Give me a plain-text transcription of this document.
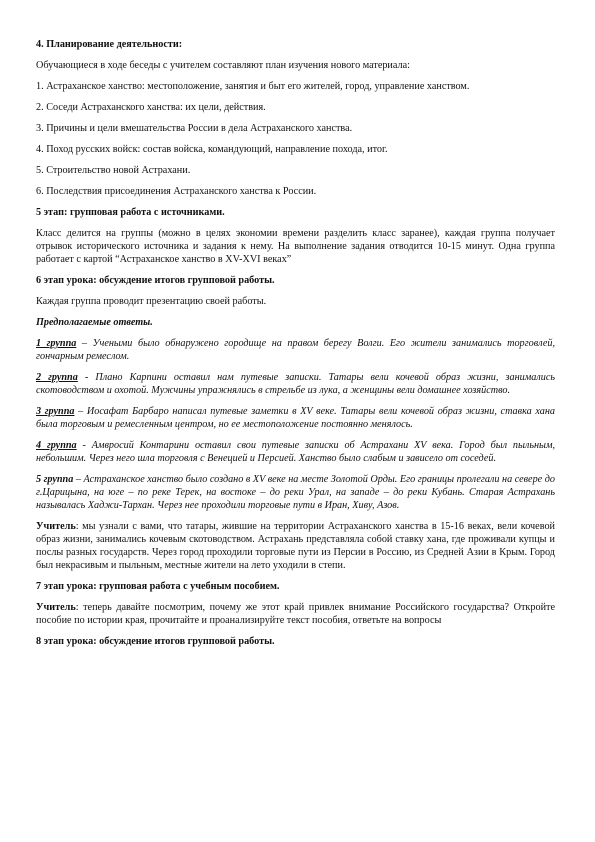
4. Планирование деятельности:

Обучающиеся в ходе беседы с учителем составляют план изучения нового материала:

1. Астраханское ханство: местоположение, занятия и быт его жителей, город, управление ханством.

2. Соседи Астраханского ханства: их цели, действия.

3. Причины и цели вмешательства России в дела Астраханского ханства.

4. Поход русских войск: состав войска, командующий, направление похода, итог.

5. Строительство новой Астрахани.

6. Последствия присоединения Астраханского ханства к России.

5 этап: групповая работа с источниками.

Класс делится на группы (можно в целях экономии времени разделить класс заранее), каждая группа получает отрывок исторического источника и задания к нему. На выполнение задания отводится 10-15 минут. Одна группа работает с картой “Астраханское ханство в XV-XVI веках”

6 этап урока: обсуждение итогов групповой работы.

Каждая группа проводит презентацию своей работы.

Предполагаемые ответы.

1 группа – Учеными было обнаружено городище на правом берегу Волги. Его жители занимались торговлей, гончарным ремеслом.

2 группа - Плано Карпини оставил нам путевые записки. Татары вели кочевой образ жизни, занимались скотоводством и охотой. Мужчины упражнялись в стрельбе из лука, а женщины вели домашнее хозяйство.

3 группа – Иосафат Барбаро написал путевые заметки в XV веке. Татары вели кочевой образ жизни, ставка хана была торговым и ремесленным центром, но ее местоположение постоянно менялось.

4 группа - Амвросий Контарини оставил свои путевые записки об Астрахани XV века. Город был пыльным, небольшим. Через него шла торговля с Венецией и Персией. Ханство было слабым и зависело от соседей.

5 группа – Астраханское ханство было создано в XV веке на месте Золотой Орды. Его границы пролегали на севере до г.Царицына, на юге – по реке Терек, на востоке – до реки Урал, на западе – до реки Кубань. Старая Астрахань называлась Хаджи-Тархан. Через нее проходили торговые пути в Иран, Хиву, Азов.

Учитель: мы узнали с вами, что татары, жившие на территории Астраханского ханства в 15-16 веках, вели кочевой образ жизни, занимались кочевым скотоводством. Астрахань представляла собой ставку хана, где проживали купцы и послы разных государств. Через город проходили торговые пути из Персии в Россию, из Средней Азии в Крым. Город был некрасивым и пыльным, местные жители на лето уходили в степи.

7 этап урока: групповая работа с учебным пособием.

Учитель: теперь давайте посмотрим, почему же этот край привлек внимание Российского государства? Откройте пособие по истории края, прочитайте и проанализируйте текст пособия, ответьте на вопросы

8 этап урока: обсуждение итогов групповой работы.
